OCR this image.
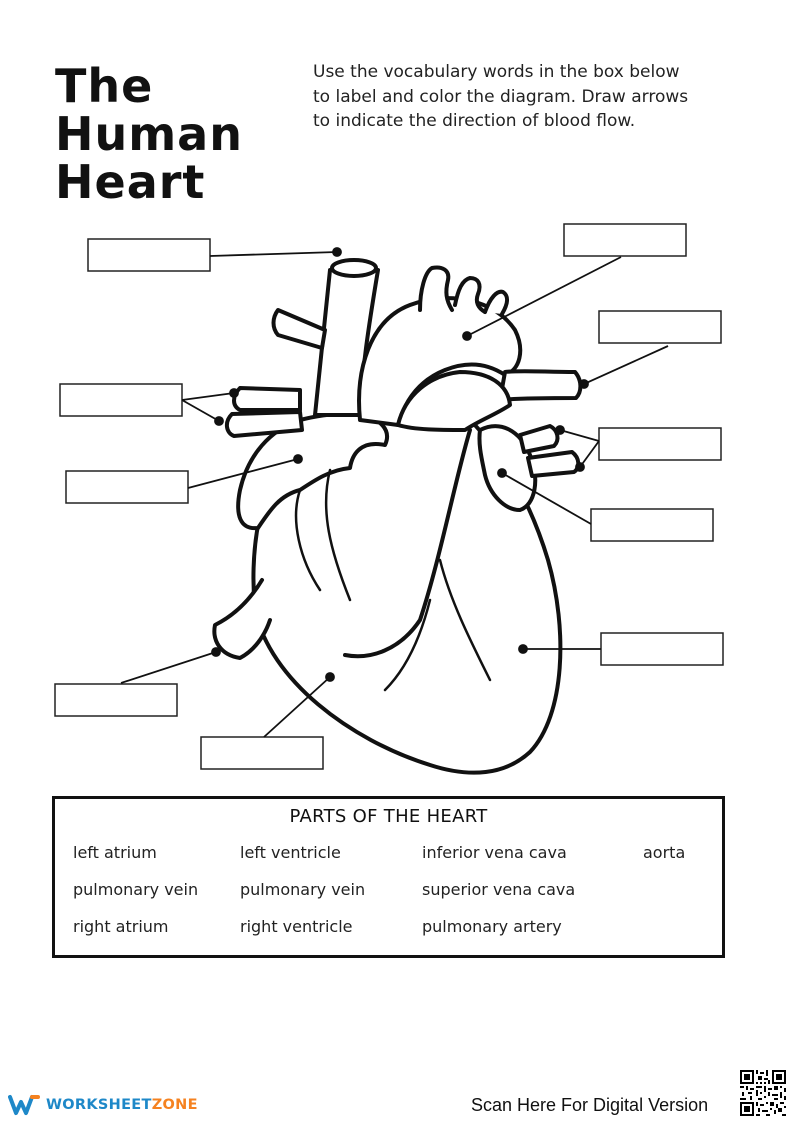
The
Human
Heart
Use the vocabulary words in the box below
to label and color the diagram. Draw arrows
to indicate the direction of blood flow.
PARTS OF THE HEART
left atrium	left ventricle	inferior vena cava	aorta
pulmonary vein	pulmonary vein	superior vena cava
right atrium	right ventricle	pulmonary artery
WORKSHEETZONE	Scan Here For Digital Version
